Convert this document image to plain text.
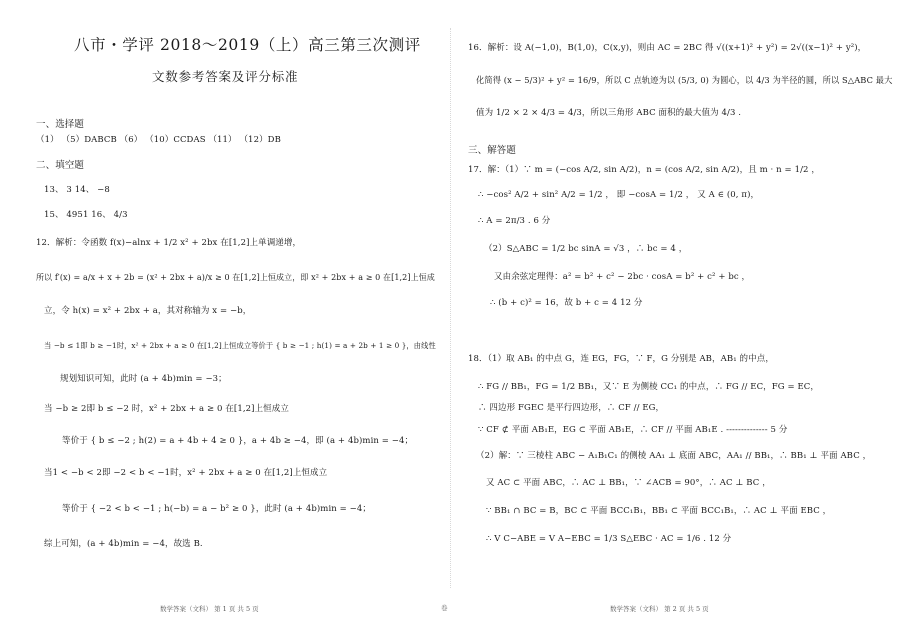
八市・学评 2018～2019（上）高三第三次测评
文数参考答案及评分标准
一、选择题
（1） （5）DABCB （6） （10）CCDAS （11） （12）DB
二、填空题
13、 3 14、 −8
15、 4951 16、 4/3
12．解析：令函数 f(x)−alnx + 1/2 x² + 2bx 在[1,2]上单调递增，
所以 f′(x) = a/x + x + 2b = (x² + 2bx + a)/x ≥ 0 在[1,2]上恒成立，即 x² + 2bx + a ≥ 0 在[1,2]上恒成
立，令 h(x) = x² + 2bx + a，其对称轴为 x = −b，
当 −b ≤ 1即 b ≥ −1时，x² + 2bx + a ≥ 0 在[1,2]上恒成立等价于 { b ≥ −1 ; h(1) = a + 2b + 1 ≥ 0 }，由线性
规划知识可知，此时 (a + 4b)min = −3；
当 −b ≥ 2即 b ≤ −2 时，x² + 2bx + a ≥ 0 在[1,2]上恒成立
等价于 { b ≤ −2 ; h(2) = a + 4b + 4 ≥ 0 }，a + 4b ≥ −4，即 (a + 4b)min = −4；
当1 < −b < 2即 −2 < b < −1时，x² + 2bx + a ≥ 0 在[1,2]上恒成立
等价于 { −2 < b < −1 ; h(−b) = a − b² ≥ 0 }，此时 (a + 4b)min = −4；
综上可知，(a + 4b)min = −4，故选 B.
数学答案（文科） 第 1 页 共 5 页	卷
16．解析：设 A(−1,0)，B(1,0)，C(x,y)，则由 AC = 2BC 得 √((x+1)² + y²) = 2√((x−1)² + y²)，
化简得 (x − 5/3)² + y² = 16/9，所以 C 点轨迹为以 (5/3, 0) 为圆心，以 4/3 为半径的圆，所以 S△ABC 最大
值为 1/2 × 2 × 4/3 = 4/3，所以三角形 ABC 面积的最大值为 4/3 .
三、解答题
17．解：（1）∵ m = (−cos A/2, sin A/2)，n = (cos A/2, sin A/2)，且 m · n = 1/2 ，
∴ −cos² A/2 + sin² A/2 = 1/2 ， 即 −cosA = 1/2 ， 又 A ∈ (0, π)，
∴ A = 2π/3 . 6 分
（2）S△ABC = 1/2 bc sinA = √3 ，∴ bc = 4 ，
又由余弦定理得：a² = b² + c² − 2bc · cosA = b² + c² + bc ，
∴ (b + c)² = 16，故 b + c = 4 12 分
18．（1）取 AB₁ 的中点 G，连 EG，FG，∵ F，G 分别是 AB，AB₁ 的中点，
∴ FG // BB₁，FG = 1/2 BB₁，又∵ E 为侧棱 CC₁ 的中点，∴ FG // EC，FG = EC，
∴ 四边形 FGEC 是平行四边形，∴ CF // EG，
∵ CF ⊄ 平面 AB₁E，EG ⊂ 平面 AB₁E，∴ CF // 平面 AB₁E . -------------- 5 分
（2）解：∵ 三棱柱 ABC − A₁B₁C₁ 的侧棱 AA₁ ⊥ 底面 ABC，AA₁ // BB₁，∴ BB₁ ⊥ 平面 ABC ，
又 AC ⊂ 平面 ABC，∴ AC ⊥ BB₁，∵ ∠ACB = 90°，∴ AC ⊥ BC ，
∵ BB₁ ∩ BC = B，BC ⊂ 平面 BCC₁B₁，BB₁ ⊂ 平面 BCC₁B₁，∴ AC ⊥ 平面 EBC ，
∴ V C−ABE = V A−EBC = 1/3 S△EBC · AC = 1/6 . 12 分
数学答案（文科） 第 2 页 共 5 页
